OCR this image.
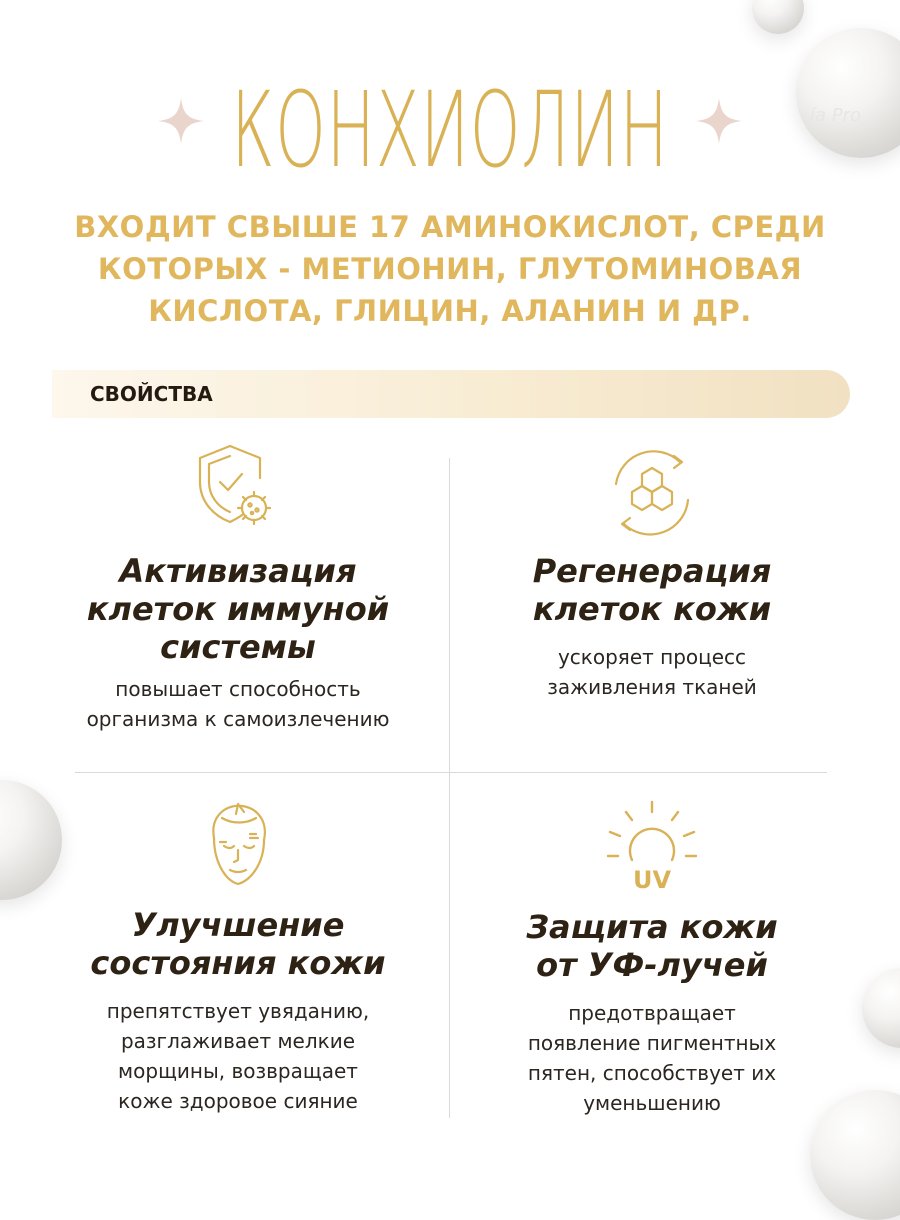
ía Pro
КОНХИОЛИН
ВХОДИТ СВЫШЕ 17 АМИНОКИСЛОТ, СРЕДИ
КОТОРЫХ - МЕТИОНИН, ГЛУТОМИНОВАЯ
КИСЛОТА, ГЛИЦИН, АЛАНИН И ДР.
СВОЙСТВА
Активизация
клеток иммуной
системы

повышает способность
организма к самоизлечению

Регенерация
клеток кожи

ускоряет процесс
заживления тканей

Улучшение
состояния кожи

препятствует увяданию,
разглаживает мелкие
морщины, возвращает
коже здоровое сияние

UV
Защита кожи
от УФ-лучей

предотвращает
появление пигментных
пятен, способствует их
уменьшению
